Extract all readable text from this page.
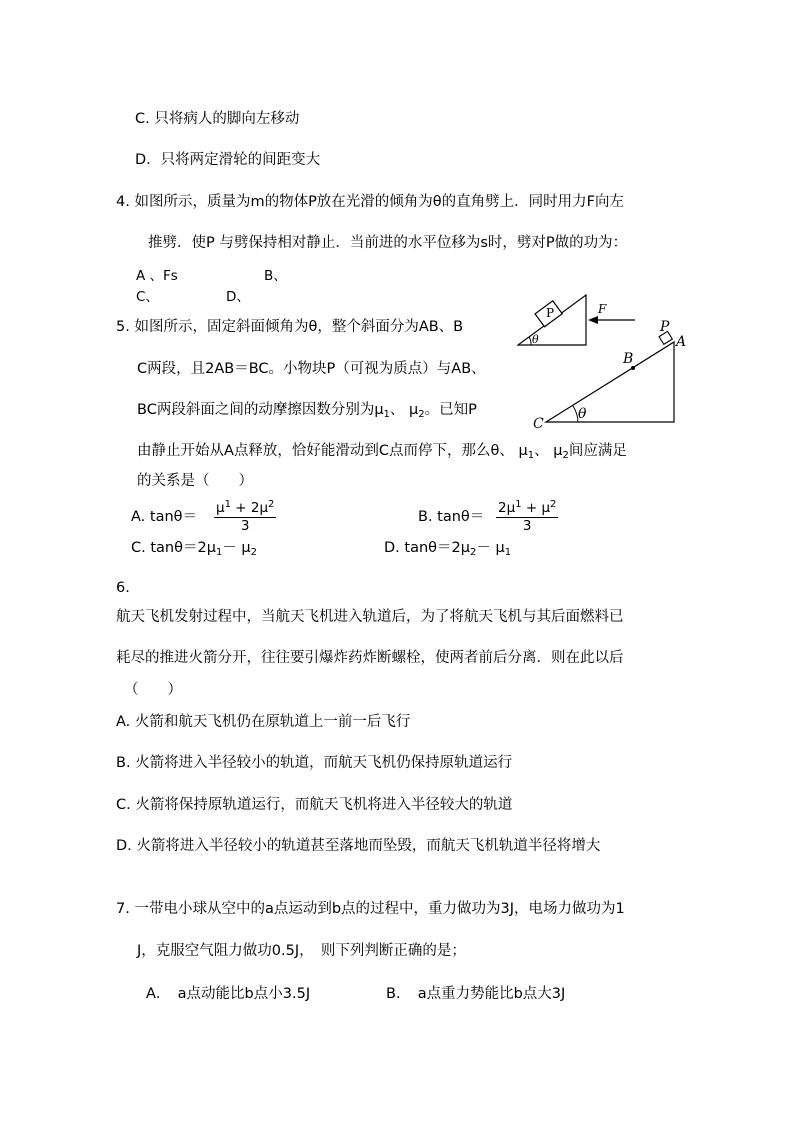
C. 只将病人的脚向左移动
D．只将两定滑轮的间距变大
4. 如图所示，质量为m的物体P放在光滑的倾角为θ的直角劈上．同时用力F向左
推劈．使P 与劈保持相对静止．当前进的水平位移为s时，劈对P做的功为：
A 、Fs	B、
C、	D、
P
θ
F
5. 如图所示，固定斜面倾角为θ，整个斜面分为AB、B
C两段，且2AB＝BC。小物块P（可视为质点）与AB、
BC两段斜面之间的动摩擦因数分别为$\mu_1$、 $\mu_2$。已知P
由静止开始从A点释放，恰好能滑动到C点而停下，那么θ、 $\mu_1$、 $\mu_2$间应满足
的关系是（　　）
P
A
B
C
θ
A. $\tan\theta= \frac{\mu^1 + 2\mu^2}{3}$	B. $\tan\theta= \frac{2\mu^1 + \mu^2}{3}$
C. $\tan\theta=2\mu_1- \mu_2$	D. $\tan\theta=2\mu_2- \mu_1$
6.
航天飞机发射过程中，当航天飞机进入轨道后，为了将航天飞机与其后面燃料已
耗尽的推进火箭分开，往往要引爆炸药炸断螺栓，使两者前后分离．则在此以后
（　　）
A. 火箭和航天飞机仍在原轨道上一前一后飞行
B. 火箭将进入半径较小的轨道，而航天飞机仍保持原轨道运行
C. 火箭将保持原轨道运行，而航天飞机将进入半径较大的轨道
D. 火箭将进入半径较小的轨道甚至落地而坠毁，而航天飞机轨道半径将增大
7. 一带电小球从空中的a点运动到b点的过程中，重力做功为3J，电场力做功为1
J，克服空气阻力做功0.5J，　则下列判断正确的是；
A．　a点动能比b点小3.5J	B．　a点重力势能比b点大3J
